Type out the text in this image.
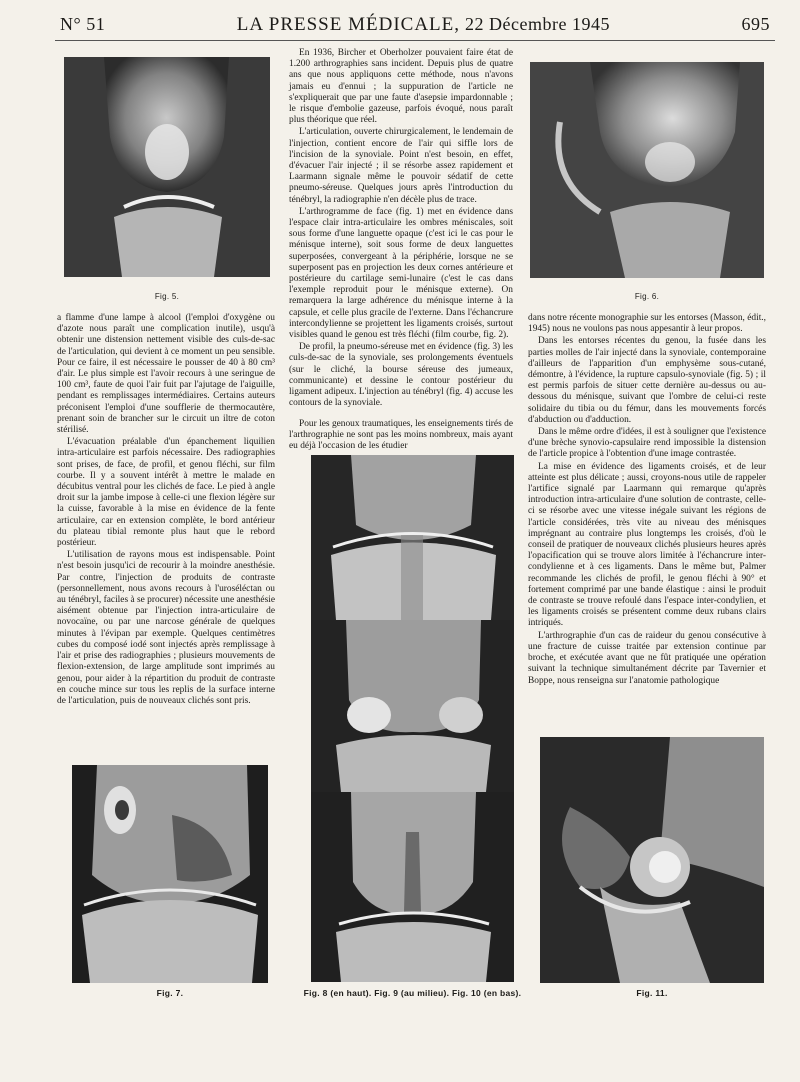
N° 51	LA PRESSE MÉDICALE, 22 Décembre 1945	695
Fig. 5.	Fig. 6.

a flamme d'une lampe à alcool (l'emploi d'oxygène ou d'azote nous paraît une complication inutile), usqu'à obtenir une distension nettement visible des culs-de-sac de l'articulation, qui devient à ce moment un peu sensible. Pour ce faire, il est nécessaire le pousser de 40 à 80 cm³ d'air. Le plus simple est l'avoir recours à une seringue de 100 cm³, faute de quoi l'air fuit par l'ajutage de l'aiguille, pendant es remplissages intermédiaires. Certains auteurs préconisent l'emploi d'une soufflerie de thermocautère, prenant soin de brancher sur le circuit un iltre de coton stérilisé.

L'évacuation préalable d'un épanchement liquilien intra-articulaire est parfois nécessaire. Des radiographies sont prises, de face, de profil, et genou fléchi, sur film courbe. Il y a souvent intérêt à mettre le malade en décubitus ventral pour les clichés de face. Le pied à angle droit sur la jambe impose à celle-ci une flexion légère sur la cuisse, favorable à la mise en évidence de la fente articulaire, car en extension complète, le bord antérieur du plateau tibial remonte plus haut que le rebord postérieur.

L'utilisation de rayons mous est indispensable. Point n'est besoin jusqu'ici de recourir à la moindre anesthésie. Par contre, l'injection de produits de contraste (personnellement, nous avons recours à l'uroséléctan ou au ténébryl, faciles à se procurer) nécessite une anesthésie aisément obtenue par l'injection intra-articulaire de novocaïne, ou par une narcose générale de quelques minutes à l'évipan par exemple. Quelques centimètres cubes du composé iodé sont injectés après remplissage à l'air et prise des radiographies ; plusieurs mouvements de flexion-extension, de large amplitude sont imprimés au genou, pour aider à la répartition du produit de contraste en couche mince sur tous les replis de la surface interne de l'articulation, puis de nouveaux clichés sont pris.

En 1936, Bircher et Oberholzer pouvaient faire état de 1.200 arthrographies sans incident. Depuis plus de quatre ans que nous appliquons cette méthode, nous n'avons jamais eu d'ennui ; la suppuration de l'article ne s'expliquerait que par une faute d'asepsie impardonnable ; le risque d'embolie gazeuse, parfois évoqué, nous paraît plus théorique que réel.

L'articulation, ouverte chirurgicalement, le lendemain de l'injection, contient encore de l'air qui siffle lors de l'incision de la synoviale. Point n'est besoin, en effet, d'évacuer l'air injecté ; il se résorbe assez rapidement et Laarmann signale même le pouvoir sédatif de cette pneumo-séreuse. Quelques jours après l'introduction du ténébryl, la radiographie n'en décèle plus de trace.

L'arthrogramme de face (fig. 1) met en évidence dans l'espace clair intra-articulaire les ombres méniscales, soit sous forme d'une languette opaque (c'est ici le cas pour le ménisque interne), soit sous forme de deux languettes superposées, convergeant à la périphérie, lorsque ne se superposent pas en projection les deux cornes antérieure et postérieure du cartilage semi-lunaire (c'est le cas dans l'exemple reproduit pour le ménisque externe). On remarquera la large adhérence du ménisque interne à la capsule, et celle plus gracile de l'externe. Dans l'échancrure intercondylienne se projettent les ligaments croisés, surtout visibles quand le genou est très fléchi (film courbe, fig. 2).

De profil, la pneumo-séreuse met en évidence (fig. 3) les culs-de-sac de la synoviale, ses prolongements éventuels (sur le cliché, la bourse séreuse des jumeaux, communicante) et dessine le contour postérieur du ligament adipeux. L'injection au ténébryl (fig. 4) accuse les contours de la synoviale.

Pour les genoux traumatiques, les enseignements tirés de l'arthrographie ne sont pas les moins nombreux, mais ayant eu déjà l'occasion de les étudier

dans notre récente monographie sur les entorses (Masson, édit., 1945) nous ne voulons pas nous appesantir à leur propos.

Dans les entorses récentes du genou, la fusée dans les parties molles de l'air injecté dans la synoviale, contemporaine d'ailleurs de l'apparition d'un emphysème sous-cutané, démontre, à l'évidence, la rupture capsulo-synoviale (fig. 5) ; il est permis parfois de situer cette dernière au-dessus ou au-dessous du ménisque, suivant que l'ombre de celui-ci reste solidaire du tibia ou du fémur, dans les mouvements forcés d'abduction ou d'adduction.

Dans le même ordre d'idées, il est à souligner que l'existence d'une brèche synovio-capsulaire rend impossible la distension de l'article propice à l'obtention d'une image contrastée.

La mise en évidence des ligaments croisés, et de leur atteinte est plus délicate ; aussi, croyons-nous utile de rappeler l'artifice signalé par Laarmann qui remarque qu'après introduction intra-articulaire d'une solution de contraste, celle-ci se résorbe avec une vitesse inégale suivant les régions de l'article considérées, très vite au niveau des ménisques imprégnant au contraire plus longtemps les croisés, d'où le conseil de pratiquer de nouveaux clichés plusieurs heures après l'opacification qui se trouve alors limitée à l'échancrure inter-condylienne et à ces ligaments. Dans le même but, Palmer recommande les clichés de profil, le genou fléchi à 90° et fortement comprimé par une bande élastique : ainsi le produit de contraste se trouve refoulé dans l'espace inter-condylien, et les ligaments croisés se présentent comme deux rubans clairs intriqués.

L'arthrographie d'un cas de raideur du genou consécutive à une fracture de cuisse traitée par extension continue par broche, et exécutée avant que ne fût pratiquée une opération suivant la technique simultanément décrite par Tavernier et Boppe, nous renseigna sur l'anatomie pathologique

Fig. 7.	Fig. 8 (en haut). Fig. 9 (au milieu). Fig. 10 (en bas).	Fig. 11.
